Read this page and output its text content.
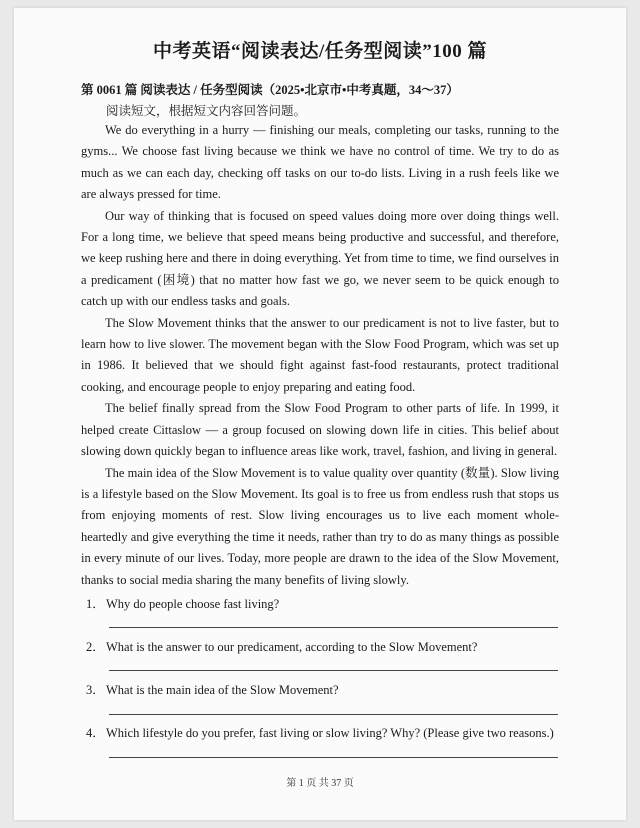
中考英语“阅读表达/任务型阅读”100 篇
第 0061 篇 阅读表达 / 任务型阅读（2025•北京市•中考真题，34～37）
阅读短文，根据短文内容回答问题。

We do everything in a hurry — finishing our meals, completing our tasks, running to the gyms... We choose fast living because we think we have no control of time. We try to do as much as we can each day, checking off tasks on our to-do lists. Living in a rush feels like we are always pressed for time.

Our way of thinking that is focused on speed values doing more over doing things well. For a long time, we believe that speed means being productive and successful, and therefore, we keep rushing here and there in doing everything. Yet from time to time, we find ourselves in a predicament (困境) that no matter how fast we go, we never seem to be quick enough to catch up with our endless tasks and goals.

The Slow Movement thinks that the answer to our predicament is not to live faster, but to learn how to live slower. The movement began with the Slow Food Program, which was set up in 1986. It believed that we should fight against fast-food restaurants, protect traditional cooking, and encourage people to enjoy preparing and eating food.

The belief finally spread from the Slow Food Program to other parts of life. In 1999, it helped create Cittaslow — a group focused on slowing down life in cities. This belief about slowing down quickly began to influence areas like work, travel, fashion, and living in general.

The main idea of the Slow Movement is to value quality over quantity (数量). Slow living is a lifestyle based on the Slow Movement. Its goal is to free us from endless rush that stops us from enjoying moments of rest. Slow living encourages us to live each moment whole-heartedly and give everything the time it needs, rather than try to do as many things as possible in every minute of our lives. Today, more people are drawn to the idea of the Slow Movement, thanks to social media sharing the many benefits of living slowly.

1．Why do people choose fast living?
2．What is the answer to our predicament, according to the Slow Movement?
3．What is the main idea of the Slow Movement?
4．Which lifestyle do you prefer, fast living or slow living? Why? (Please give two reasons.)
第 1 页 共 37 页
